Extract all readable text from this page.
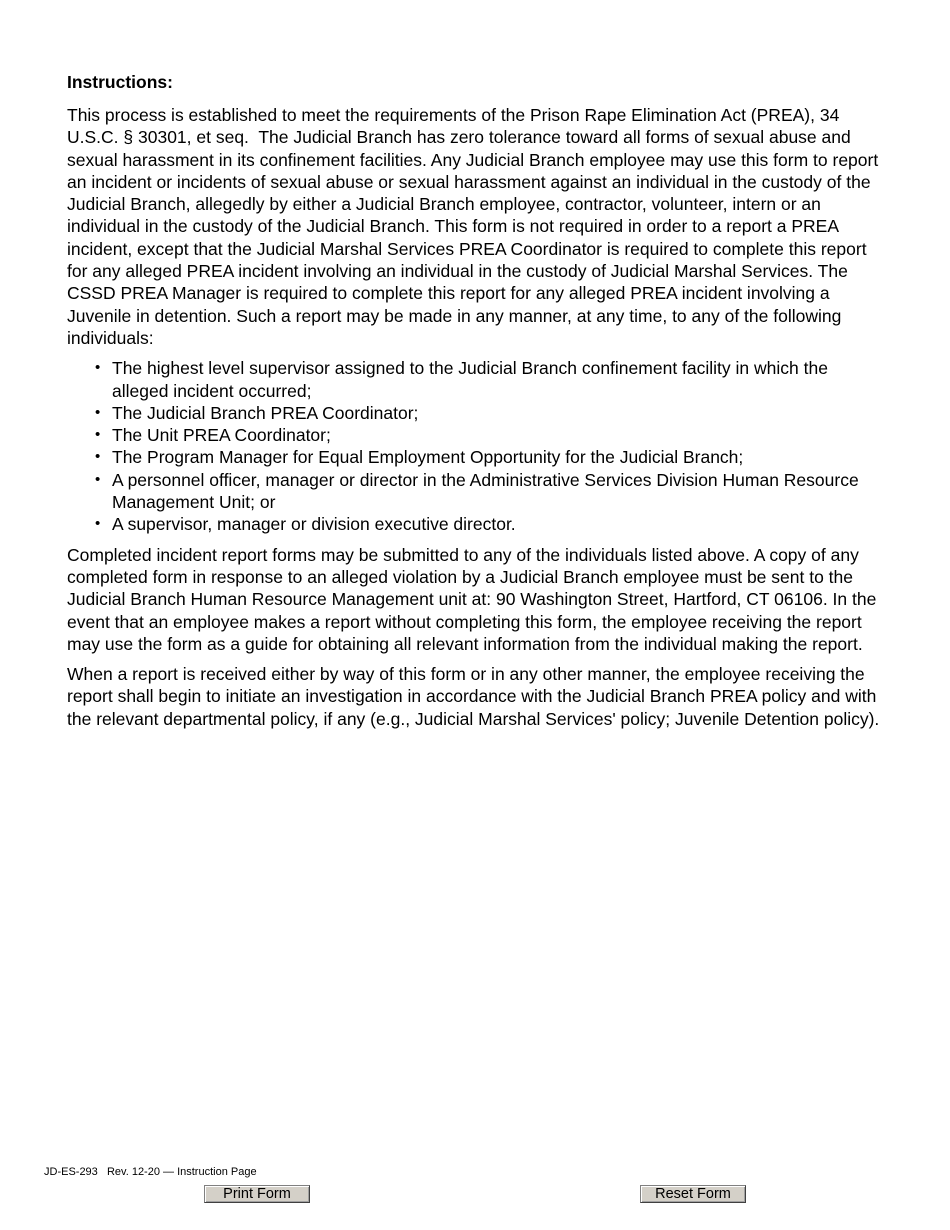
Instructions:

This process is established to meet the requirements of the Prison Rape Elimination Act (PREA), 34 U.S.C. § 30301, et seq.  The Judicial Branch has zero tolerance toward all forms of sexual abuse and sexual harassment in its confinement facilities. Any Judicial Branch employee may use this form to report an incident or incidents of sexual abuse or sexual harassment against an individual in the custody of the Judicial Branch, allegedly by either a Judicial Branch employee, contractor, volunteer, intern or an individual in the custody of the Judicial Branch. This form is not required in order to a report a PREA incident, except that the Judicial Marshal Services PREA Coordinator is required to complete this report for any alleged PREA incident involving an individual in the custody of Judicial Marshal Services. The CSSD PREA Manager is required to complete this report for any alleged PREA incident involving a Juvenile in detention. Such a report may be made in any manner, at any time, to any of the following individuals:

• The highest level supervisor assigned to the Judicial Branch confinement facility in which the alleged incident occurred;
• The Judicial Branch PREA Coordinator;
• The Unit PREA Coordinator;
• The Program Manager for Equal Employment Opportunity for the Judicial Branch;
• A personnel officer, manager or director in the Administrative Services Division Human Resource Management Unit; or
• A supervisor, manager or division executive director.

Completed incident report forms may be submitted to any of the individuals listed above. A copy of any completed form in response to an alleged violation by a Judicial Branch employee must be sent to the Judicial Branch Human Resource Management unit at: 90 Washington Street, Hartford, CT 06106. In the event that an employee makes a report without completing this form, the employee receiving the report may use the form as a guide for obtaining all relevant information from the individual making the report.

When a report is received either by way of this form or in any other manner, the employee receiving the report shall begin to initiate an investigation in accordance with the Judicial Branch PREA policy and with the relevant departmental policy, if any (e.g., Judicial Marshal Services' policy; Juvenile Detention policy).

JD-ES-293   Rev. 12-20 — Instruction Page
Print Form	Reset Form
